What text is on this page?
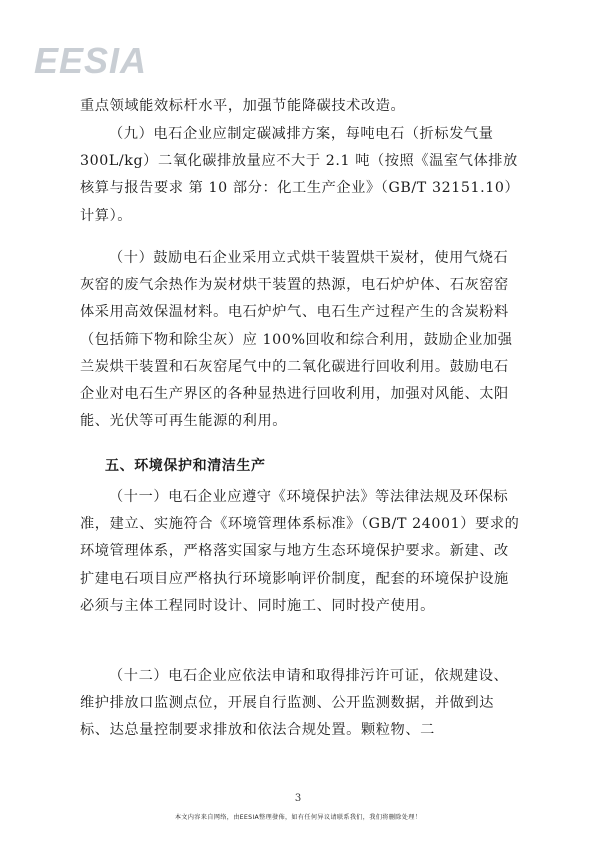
EESIA
重点领域能效标杆水平，加强节能降碳技术改造。
（九）电石企业应制定碳减排方案，每吨电石（折标发气量 300L/kg）二氧化碳排放量应不大于 2.1 吨（按照《温室气体排放核算与报告要求 第 10 部分：化工生产企业》（GB/T 32151.10）计算）。
（十）鼓励电石企业采用立式烘干装置烘干炭材，使用气烧石灰窑的废气余热作为炭材烘干装置的热源，电石炉炉体、石灰窑窑体采用高效保温材料。电石炉炉气、电石生产过程产生的含炭粉料（包括筛下物和除尘灰）应 100%回收和综合利用，鼓励企业加强兰炭烘干装置和石灰窑尾气中的二氧化碳进行回收利用。鼓励电石企业对电石生产界区的各种显热进行回收利用，加强对风能、太阳能、光伏等可再生能源的利用。
五、环境保护和清洁生产
（十一）电石企业应遵守《环境保护法》等法律法规及环保标准，建立、实施符合《环境管理体系标准》（GB/T 24001）要求的环境管理体系，严格落实国家与地方生态环境保护要求。新建、改扩建电石项目应严格执行环境影响评价制度，配套的环境保护设施必须与主体工程同时设计、同时施工、同时投产使用。
（十二）电石企业应依法申请和取得排污许可证，依规建设、维护排放口监测点位，开展自行监测、公开监测数据，并做到达标、达总量控制要求排放和依法合规处置。颗粒物、二
3
本文内容来自网络，由EESIA整理發佈，如有任何异议请联系我们，我们将删除处理！
